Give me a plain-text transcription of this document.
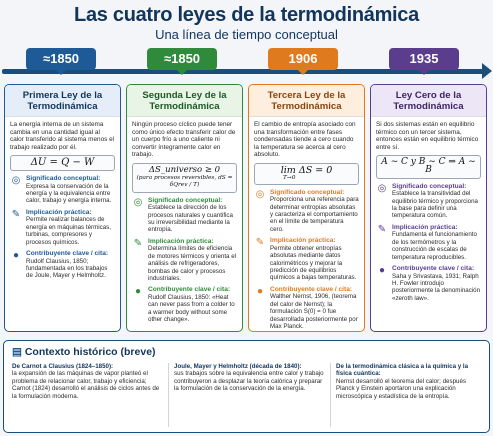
Las cuatro leyes de la termodinámica
Una línea de tiempo conceptual
≈1850	≈1850	1906	1935
Primera Ley de la Termodinámica
La energía interna de un sistema cambia en una cantidad igual al calor transferido al sistema menos el trabajo realizado por él.
ΔU = Q − W
◎ Significado conceptual:
Expresa la conservación de la energía y la equivalencia entre calor, trabajo y energía interna.
✎ Implicación práctica:
Permite realizar balances de energía en máquinas térmicas, turbinas, compresores y procesos químicos.
●	Contribuyente clave / cita:
Rudolf Clausius, 1850; fundamentada en los trabajos de Joule, Mayer y Helmholtz.
Segunda Ley de la Termodinámica
Ningún proceso cíclico puede tener como único efecto transferir calor de un cuerpo frío a uno caliente ni convertir íntegramente calor en trabajo.
ΔS_universo ≥ 0
(para procesos reversibles, dS = δQrev / T)
◎ Significado conceptual:
Establece la dirección de los procesos naturales y cuantifica su irreversibilidad mediante la entropía.
✎ Implicación práctica:
Determina límites de eficiencia de motores térmicos y orienta el análisis de refrigeradores, bombas de calor y procesos industriales.
●	Contribuyente clave / cita:
Rudolf Clausius, 1850: «Heat can never pass from a colder to a warmer body without some other change».
Tercera Ley de la Termodinámica
El cambio de entropía asociado con una transformación entre fases condensadas tiende a cero cuando la temperatura se acerca al cero absoluto.
lim ΔS = 0
T→0
◎ Significado conceptual:
Proporciona una referencia para determinar entropías absolutas y caracteriza el comportamiento en el límite de temperatura cero.
✎ Implicación práctica:
Permite obtener entropías absolutas mediante datos calorimétricos y mejorar la predicción de equilibrios químicos a bajas temperaturas.
●	Contribuyente clave / cita:
Walther Nernst, 1906, (teorema del calor de Nernst); la formulación S(0) = 0 fue desarrollada posteriormente por Max Planck.
Ley Cero de la Termodinámica
Si dos sistemas están en equilibrio térmico con un tercer sistema, entonces están en equilibrio térmico entre sí.
A ∼ C y B ∼ C ⇒ A ∼ B
◎ Significado conceptual:
Establece la transitividad del equilibrio térmico y proporciona la base para definir una temperatura común.
✎ Implicación práctica:
Fundamenta el funcionamiento de los termómetros y la construcción de escalas de temperatura reproducibles.
●	Contribuyente clave / cita:
Saha y Srivastava, 1931; Ralph H. Fowler introdujo posteriormente la denominación «zeroth law».
▤ Contexto histórico (breve)
De Carnot a Clausius (1824–1850):
la expansión de las máquinas de vapor planteó el problema de relacionar calor, trabajo y eficiencia; Carnot (1824) desarrolló el análisis de ciclos antes de la formulación moderna.
Joule, Mayer y Helmholtz (década de 1840):
sus trabajos sobre la equivalencia entre calor y trabajo contribuyeron a desplazar la teoría calórica y preparar la formulación de la conservación de la energía.
De la termodinámica clásica a la química y la física cuántica:
Nernst desarrolló el teorema del calor; después Planck y Einstein aportaron una explicación microscópica y estadística de la entropía.
